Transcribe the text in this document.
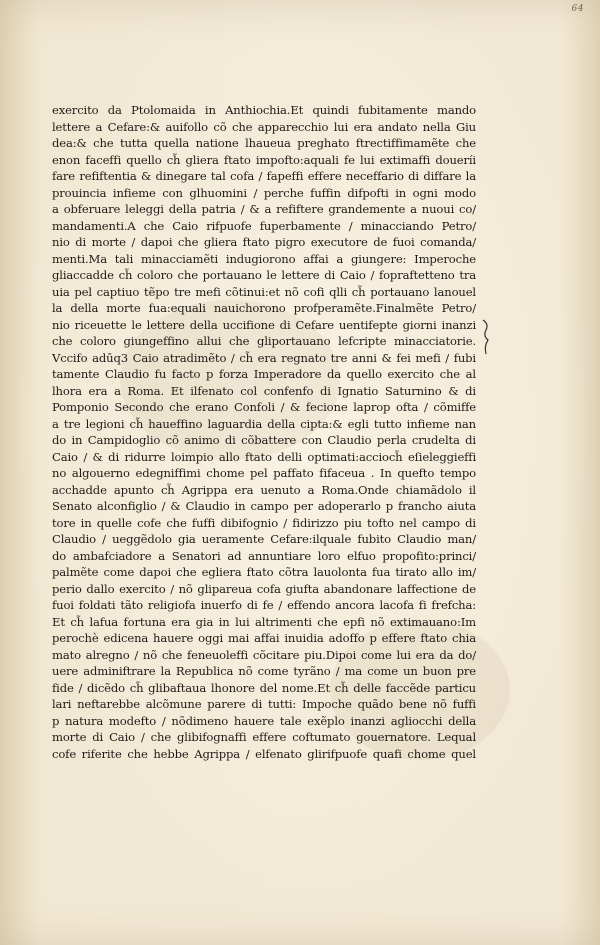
64
exercito da Ptolomaida in Anthiochia.Et quindi fubitamente mando
lettere a Cefare:& auifollo cõ che apparecchio lui era andato nella Giu
dea:& che tutta quella natione lhaueua preghato ftrectiffimamẽte che
enon faceffi quello ch̃ gliera ftato impofto:aquali fe lui extimaffi doueríi
fare refiftentia & dinegare tal cofa / fapeffi effere neceffario di diffare la
prouincia infieme con glhuomini / perche fuffin difpofti in ogni modo
a obferuare leleggi della patria / & a refiftere grandemente a nuoui co/
mandamenti.A che Caio rifpuofe fuperbamente / minacciando Petro/
nio di morte / dapoi che gliera ftato pigro executore de fuoi comanda/
menti.Ma tali minacciamẽti indugiorono affai a giungere: Imperoche
gliaccadde ch̃ coloro che portauano le lettere di Caio / fopraftetteno tra
uia pel captiuo tẽpo tre mefi cõtinui:et nõ cofi qlli ch̃ portauano lanouel
la della morte fua:equali nauichorono profperamẽte.Finalmẽte Petro/
nio riceuette le lettere della uccifione di Cefare uentifepte giorni inanzi
che coloro giungeffino allui che gliportauano lefcripte minacciatorie.
Vccifo adūq3 Caio atradimẽto / ch̃ era regnato tre anni & fei mefi / fubi
tamente Claudio fu facto p forza Imperadore da quello exercito che al
lhora era a Roma. Et ilfenato col confenfo di Ignatio Saturnino & di
Pomponio Secondo che erano Confoli / & fecione laprop ofta / cõmiffe
a tre legioni ch̃ haueffino laguardia della cipta:& egli tutto infieme nan
do in Campidoglio cõ animo di cõbattere con Claudio perla crudelta di
Caio / & di ridurre loimpio allo ftato delli optimati:accioch̃ eſieleggieffi
no algouerno edegniffimi chome pel paffato fifaceua . In quefto tempo
acchadde apunto ch̃ Agrippa era uenuto a Roma.Onde chiamãdolo il
Senato alconfiglio / & Claudio in campo per adoperarlo p francho aiuta
tore in quelle cofe che fuffi dibifognio / fidirizzo piu tofto nel campo di
Claudio / ueggẽdolo gia ueramente Cefare:ilquale fubito Claudio man/
do ambafciadore a Senatori ad annuntiare loro elfuo propofito:princi/
palmẽte come dapoi che egliera ftato cõtra lauolonta fua tirato allo im/
perio dallo exercito / nõ glipareua cofa giufta abandonare laffectione de
fuoi foldati tãto religiofa inuerfo di fe / effendo ancora lacofa fi frefcha:
Et ch̃ lafua fortuna era gia in lui altrimenti che epfi nõ extimauano:Im
perochè edicena hauere oggi mai affai inuidia adoffo p effere ftato chia
mato alregno / nõ che feneuoleffi cõcitare piu.Dipoi come lui era da do/
uere adminiftrare la Republica nõ come tyrãno / ma come un buon pre
fide / dicẽdo ch̃ glibaftaua lhonore del nome.Et ch̃ delle faccẽde particu
lari neftarebbe alcõmune parere di tutti: Impoche quãdo bene nõ fuffi
p natura modefto / nõdimeno hauere tale exẽplo inanzi agliocchi della
morte di Caio / che glibifognaffi effere coftumato gouernatore. Lequal
cofe riferite che hebbe Agrippa / elfenato glirifpuofe quafi chome quel
